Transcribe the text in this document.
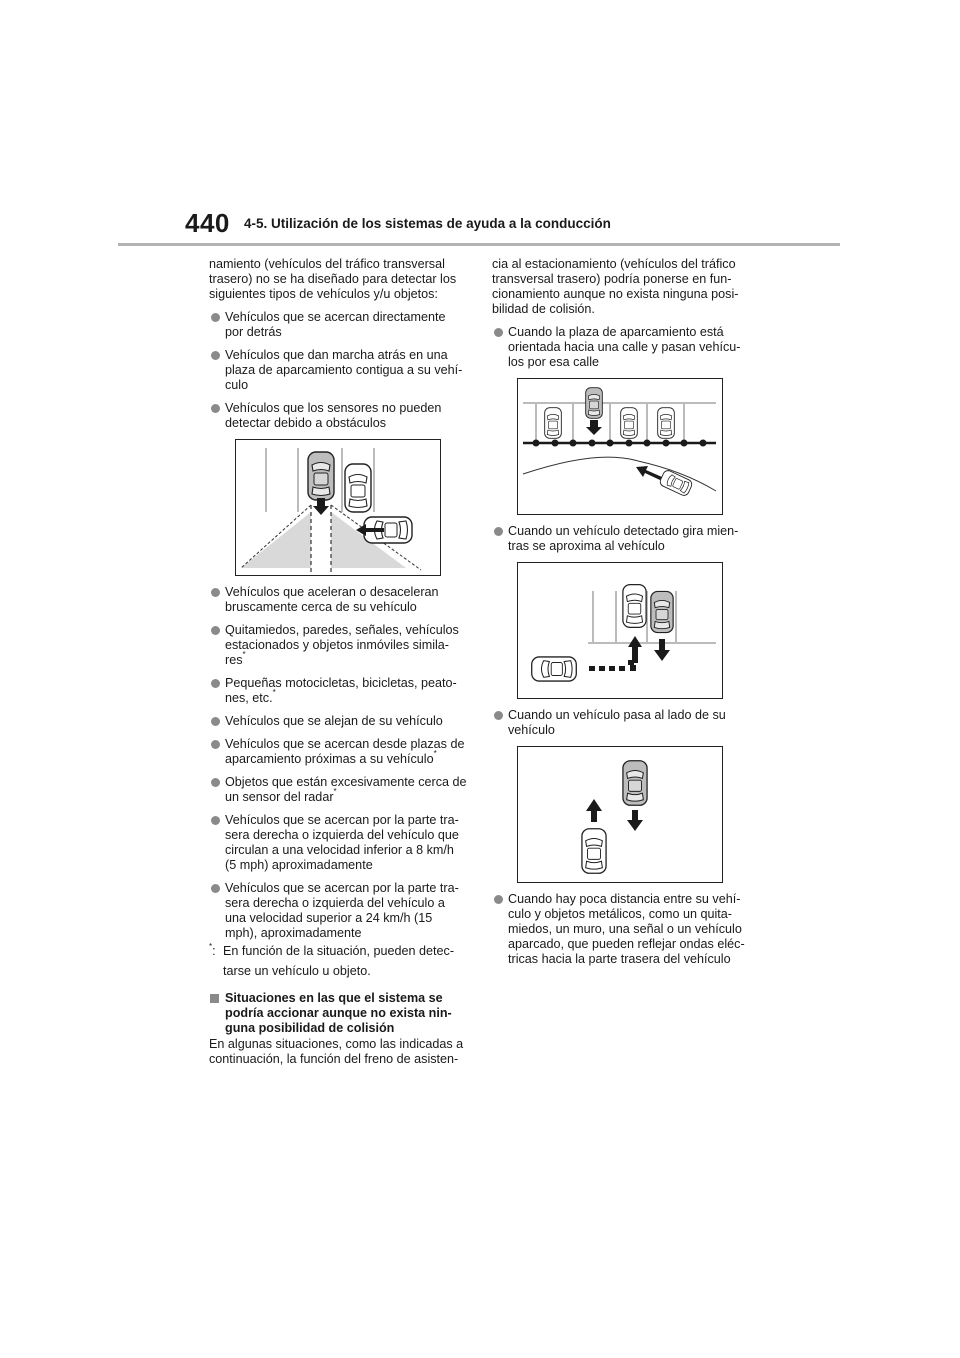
440 4-5. Utilización de los sistemas de ayuda a la conducción

namiento (vehículos del tráfico transversal trasero) no se ha diseñado para detectar los siguientes tipos de vehículos y/u objetos:

Vehículos que se acercan directamente por detrás

Vehículos que dan marcha atrás en una plaza de aparcamiento contigua a su vehí-culo

Vehículos que los sensores no pueden detectar debido a obstáculos

Vehículos que aceleran o desaceleran bruscamente cerca de su vehículo

Quitamiedos, paredes, señales, vehículos estacionados y objetos inmóviles simila-res*

Pequeñas motocicletas, bicicletas, peato-nes, etc.*

Vehículos que se alejan de su vehículo

Vehículos que se acercan desde plazas de aparcamiento próximas a su vehículo*

Objetos que están excesivamente cerca de un sensor del radar*

Vehículos que se acercan por la parte tra-sera derecha o izquierda del vehículo que circulan a una velocidad inferior a 8 km/h (5 mph) aproximadamente

Vehículos que se acercan por la parte tra-sera derecha o izquierda del vehículo a una velocidad superior a 24 km/h (15 mph), aproximadamente

*: En función de la situación, pueden detec-tarse un vehículo u objeto.

Situaciones en las que el sistema se podría accionar aunque no exista nin-guna posibilidad de colisión

En algunas situaciones, como las indicadas a continuación, la función del freno de asisten-

cia al estacionamiento (vehículos del tráfico transversal trasero) podría ponerse en fun-cionamiento aunque no exista ninguna posi-bilidad de colisión.

Cuando la plaza de aparcamiento está orientada hacia una calle y pasan vehícu-los por esa calle

Cuando un vehículo detectado gira mien-tras se aproxima al vehículo

Cuando un vehículo pasa al lado de su vehículo

Cuando hay poca distancia entre su vehí-culo y objetos metálicos, como un quita-miedos, un muro, una señal o un vehículo aparcado, que pueden reflejar ondas eléc-tricas hacia la parte trasera del vehículo
